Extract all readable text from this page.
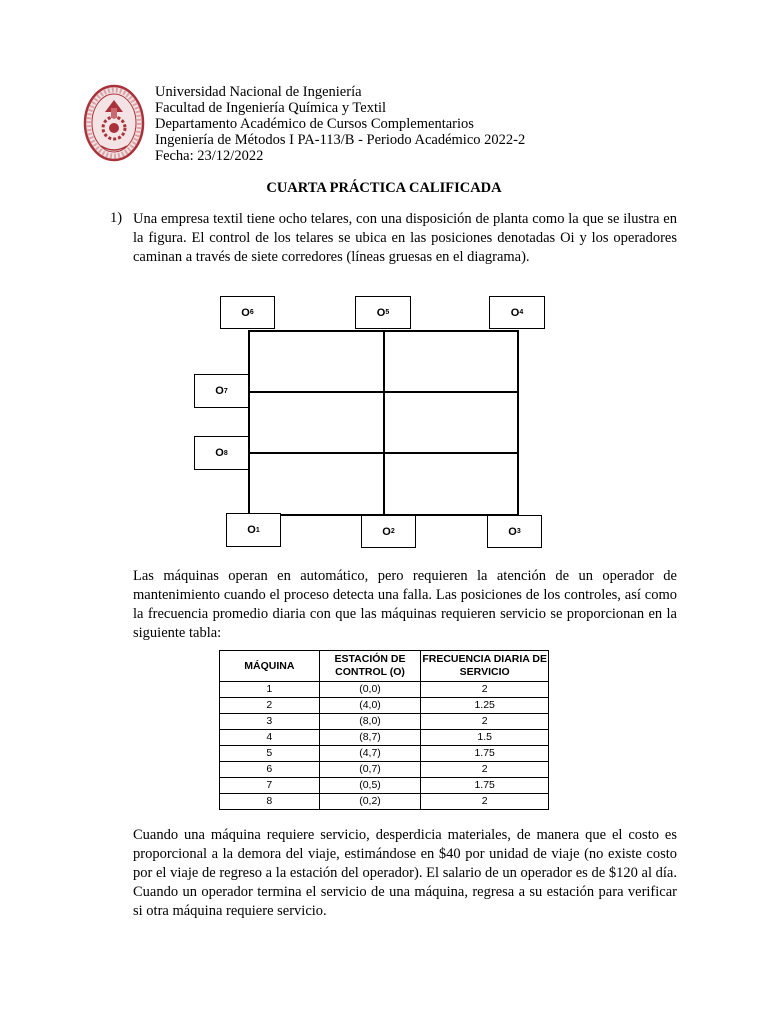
Universidad Nacional de Ingeniería
Facultad de Ingeniería Química y Textil
Departamento Académico de Cursos Complementarios
Ingeniería de Métodos I PA-113/B - Periodo Académico 2022-2
Fecha: 23/12/2022
CUARTA PRÁCTICA CALIFICADA
1) Una empresa textil tiene ocho telares, con una disposición de planta como la que se ilustra en la figura. El control de los telares se ubica en las posiciones denotadas Oi y los operadores caminan a través de siete corredores (líneas gruesas en el diagrama).
O 6	O 5	O 4
O 7
O 8
O 1	O 2	O 3
Las máquinas operan en automático, pero requieren la atención de un operador de mantenimiento cuando el proceso detecta una falla. Las posiciones de los controles, así como la frecuencia promedio diaria con que las máquinas requieren servicio se proporcionan en la siguiente tabla:
MÁQUINA	ESTACIÓN DE CONTROL (O)	FRECUENCIA DIARIA DE SERVICIO
1	(0,0)	2
2	(4,0)	1.25
3	(8,0)	2
4	(8,7)	1.5
5	(4,7)	1.75
6	(0,7)	2
7	(0,5)	1.75
8	(0,2)	2
Cuando una máquina requiere servicio, desperdicia materiales, de manera que el costo es proporcional a la demora del viaje, estimándose en $40 por unidad de viaje (no existe costo por el viaje de regreso a la estación del operador). El salario de un operador es de $120 al día. Cuando un operador termina el servicio de una máquina, regresa a su estación para verificar si otra máquina requiere servicio.
